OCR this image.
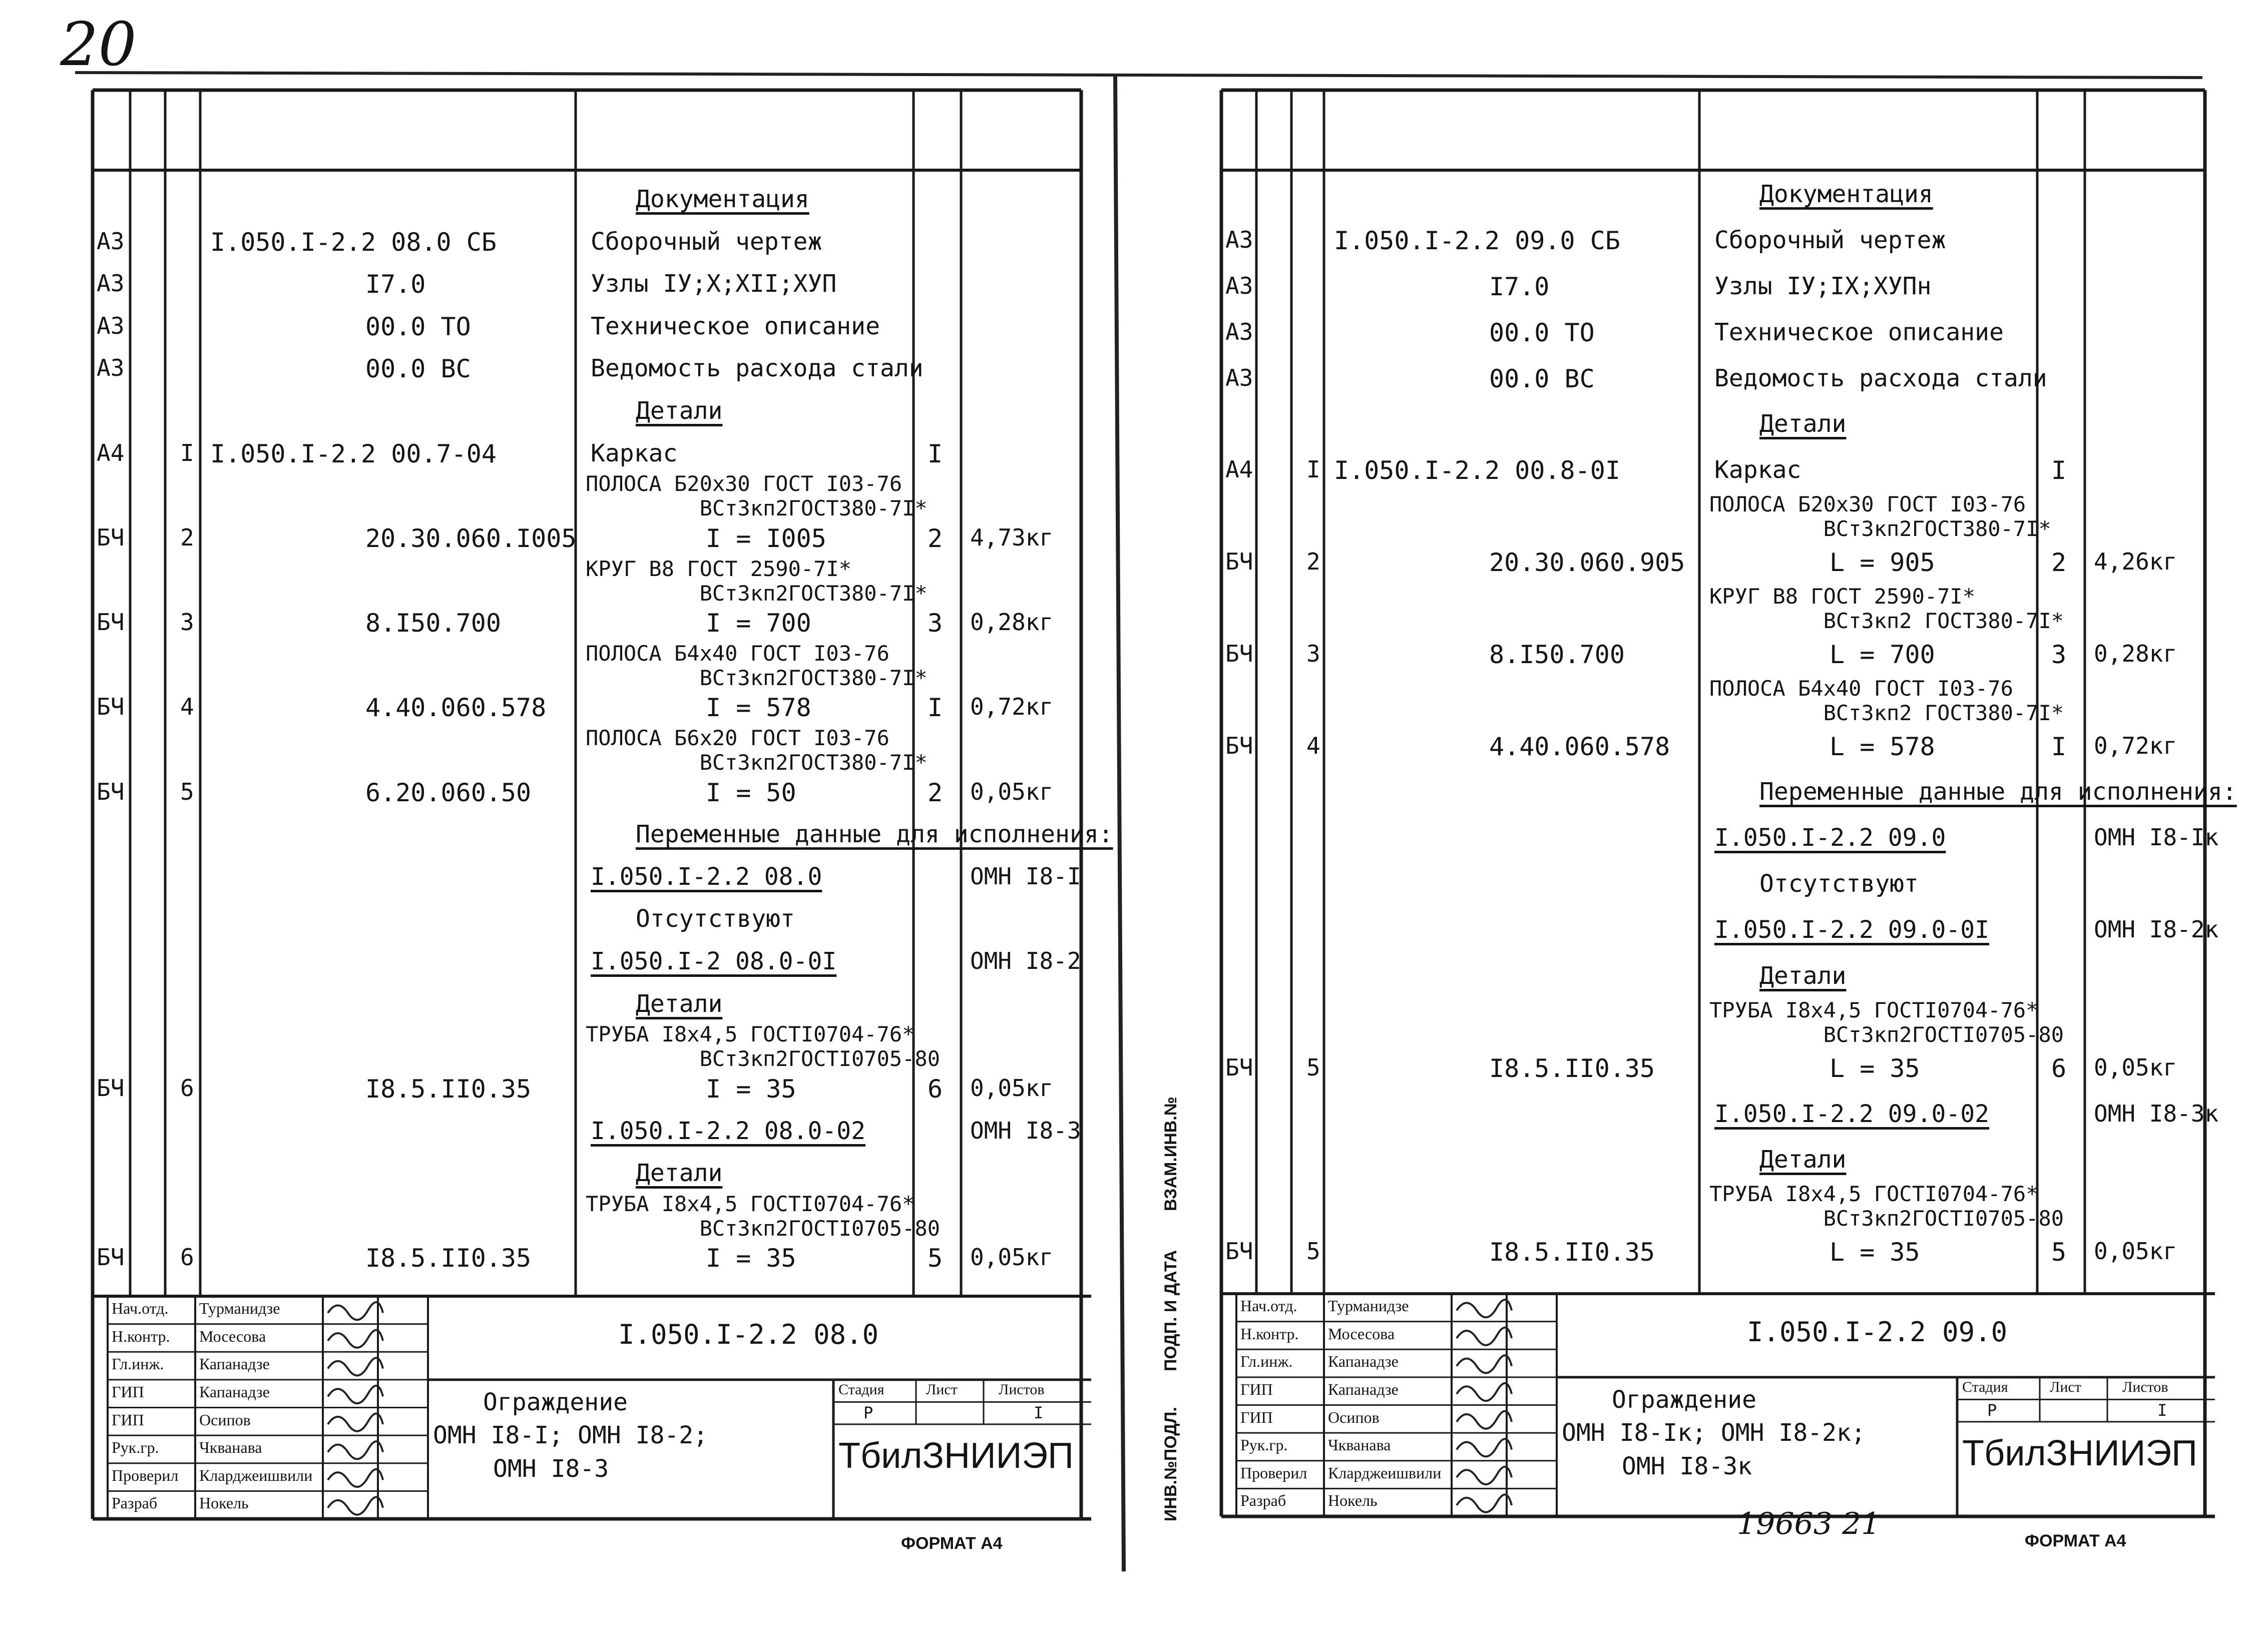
20
Документация
А3	I.050.I-2.2 08.0 СБ	Сборочный чертеж
А3	I7.0	Узлы IУ;Х;ХII;ХУП
А3	00.0 ТО	Техническое описание
А3	00.0 ВС	Ведомость расхода стали
Детали
А4 I I.050.I-2.2 00.7-04	Каркас	I
ПОЛОСА Б20х30 ГОСТ I03-76
ВСт3кп2ГОСТ380-7I*
БЧ 2	20.30.060.I005	I = I005	2 4,73кг
КРУГ В8 ГОСТ 2590-7I*
ВСт3кп2ГОСТ380-7I*
БЧ 3	8.I50.700	I = 700	3 0,28кг
ПОЛОСА Б4х40 ГОСТ I03-76
ВСт3кп2ГОСТ380-7I*
БЧ 4	4.40.060.578	I = 578	I 0,72кг
ПОЛОСА Б6х20 ГОСТ I03-76
ВСт3кп2ГОСТ380-7I*
БЧ 5	6.20.060.50	I = 50	2 0,05кг
Переменные данные для исполнения:
I.050.I-2.2 08.0	ОМН I8-I
Отсутствуют
I.050.I-2 08.0-0I	ОМН I8-2
Детали
ТРУБА I8х4,5 ГОСТI0704-76*
ВСт3кп2ГОСТI0705-80
БЧ 6	I8.5.II0.35	I = 35	6 0,05кг
I.050.I-2.2 08.0-02	ОМН I8-3
Детали
ТРУБА I8х4,5 ГОСТI0704-76*
ВСт3кп2ГОСТI0705-80
БЧ 6	I8.5.II0.35	I = 35	5 0,05кг
Нач.отд. Турманидзе
Н.контр. Мосесова
Гл.инж. Капанадзе
ГИП	Капанадзе
ГИП	Осипов
Рук.гр.	Чкванава
Проверил Кларджеишвили
Разраб	Нокель
I.050.I-2.2 08.0
Ограждение
ОМН I8-I; ОМН I8-2;
ОМН I8-3
Стадия	Лист	Листов
Р	I
ТбилЗНИИЭП
ФОРМАТ А4
Документация
А3	I.050.I-2.2 09.0 СБ	Сборочный чертеж
А3	I7.0	Узлы IУ;IХ;ХУПн
А3	00.0 ТО	Техническое описание
А3	00.0 ВС	Ведомость расхода стали
Детали
А4 I I.050.I-2.2 00.8-0I	Каркас	I
ПОЛОСА Б20х30 ГОСТ I03-76
ВСт3кп2ГОСТ380-7I*
БЧ 2	20.30.060.905	L = 905	2 4,26кг
КРУГ В8 ГОСТ 2590-7I*
ВСт3кп2 ГОСТ380-7I*
БЧ 3	8.I50.700	L = 700	3 0,28кг
ПОЛОСА Б4х40 ГОСТ I03-76
ВСт3кп2 ГОСТ380-7I*
БЧ 4	4.40.060.578	L = 578	I 0,72кг
Переменные данные для исполнения:
I.050.I-2.2 09.0	ОМН I8-Iк
Отсутствуют
I.050.I-2.2 09.0-0I	ОМН I8-2к
Детали
ТРУБА I8х4,5 ГОСТI0704-76*
ВСт3кп2ГОСТI0705-80
БЧ 5	I8.5.II0.35	L = 35	6 0,05кг
I.050.I-2.2 09.0-02	ОМН I8-3к
Детали
ТРУБА I8х4,5 ГОСТI0704-76*
ВСт3кп2ГОСТI0705-80
БЧ 5	I8.5.II0.35	L = 35	5 0,05кг
Нач.отд. Турманидзе
Н.контр. Мосесова
Гл.инж. Капанадзе
ГИП	Капанадзе
ГИП	Осипов
Рук.гр.	Чкванава
Проверил Кларджеишвили
Разраб	Нокель
I.050.I-2.2 09.0
Ограждение
ОМН I8-Iк; ОМН I8-2к;
ОМН I8-3к
Стадия	Лист	Листов
Р	I
ТбилЗНИИЭП
ФОРМАТ А4
ИНВ.№ПОДЛ.
ПОДП. И ДАТА
ВЗАМ.ИНВ.№
19663 21
